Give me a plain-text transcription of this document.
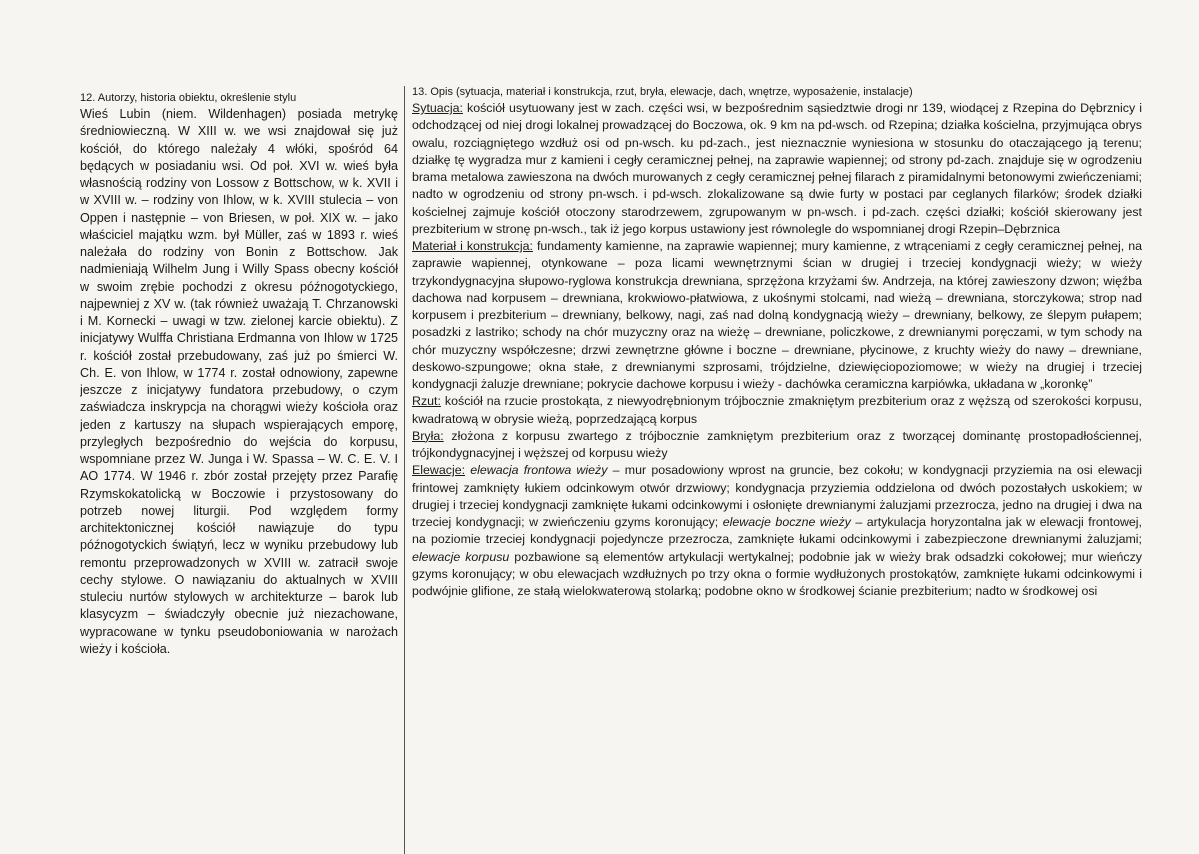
12. Autorzy, historia obiektu, określenie stylu

Wieś Lubin (niem. Wildenhagen) posiada metrykę średniowieczną. W XIII w. we wsi znajdował się już kościół, do którego należały 4 włóki, spośród 64 będących w posiadaniu wsi. Od poł. XVI w. wieś była własnością rodziny von Lossow z Bottschow, w k. XVII i w XVIII w. – rodziny von Ihlow, w k. XVIII stulecia – von Oppen i następnie – von Briesen, w poł. XIX w. – jako właściciel majątku wzm. był Müller, zaś w 1893 r. wieś należała do rodziny von Bonin z Bottschow. Jak nadmieniają Wilhelm Jung i Willy Spass obecny kościół w swoim zrębie pochodzi z okresu późnogotyckiego, najpewniej z XV w. (tak również uważają T. Chrzanowski i M. Kornecki – uwagi w tzw. zielonej karcie obiektu). Z inicjatywy Wulffa Christiana Erdmanna von Ihlow w 1725 r. kościół został przebudowany, zaś już po śmierci W. Ch. E. von Ihlow, w 1774 r. został odnowiony, zapewne jeszcze z inicjatywy fundatora przebudowy, o czym zaświadcza inskrypcja na chorągwi wieży kościoła oraz jeden z kartuszy na słupach wspierających emporę, przyległych bezpośrednio do wejścia do korpusu, wspomniane przez W. Junga i W. Spassa – W. C. E. V. I AO 1774. W 1946 r. zbór został przejęty przez Parafię Rzymskokatolicką w Boczowie i przystosowany do potrzeb nowej liturgii. Pod względem formy architektonicznej kościół nawiązuje do typu późnogotyckich świątyń, lecz w wyniku przebudowy lub remontu przeprowadzonych w XVIII w. zatracił swoje cechy stylowe. O nawiązaniu do aktualnych w XVIII stuleciu nurtów stylowych w architekturze – barok lub klasycyzm – świadczyły obecnie już niezachowane, wypracowane w tynku pseudoboniowania w narożach wieży i kościoła.

13. Opis (sytuacja, materiał i konstrukcja, rzut, bryła, elewacje, dach, wnętrze, wyposażenie, instalacje)

Sytuacja: kościół usytuowany jest w zach. części wsi, w bezpośrednim sąsiedztwie drogi nr 139, wiodącej z Rzepina do Dębrznicy i odchodzącej od niej drogi lokalnej prowadzącej do Boczowa, ok. 9 km na pd-wsch. od Rzepina; działka kościelna, przyjmująca obrys owalu, rozciągniętego wzdłuż osi od pn-wsch. ku pd-zach., jest nieznacznie wyniesiona w stosunku do otaczającego ją terenu; działkę tę wygradza mur z kamieni i cegły ceramicznej pełnej, na zaprawie wapiennej; od strony pd-zach. znajduje się w ogrodzeniu brama metalowa zawieszona na dwóch murowanych z cegły ceramicznej pełnej filarach z piramidalnymi betonowymi zwieńczeniami; nadto w ogrodzeniu od strony pn-wsch. i pd-wsch. zlokalizowane są dwie furty w postaci par ceglanych filarków; środek działki kościelnej zajmuje kościół otoczony starodrzewem, zgrupowanym w pn-wsch. i pd-zach. części działki; kościół skierowany jest prezbiterium w stronę pn-wsch., tak iż jego korpus ustawiony jest równolegle do wspomnianej drogi Rzepin–Dębrznica

Materiał i konstrukcja: fundamenty kamienne, na zaprawie wapiennej; mury kamienne, z wtrąceniami z cegły ceramicznej pełnej, na zaprawie wapiennej, otynkowane – poza licami wewnętrznymi ścian w drugiej i trzeciej kondygnacji wieży; w wieży trzykondygnacyjna słupowo-ryglowa konstrukcja drewniana, sprzężona krzyżami św. Andrzeja, na której zawieszony dzwon; więźba dachowa nad korpusem – drewniana, krokwiowo-płatwiowa, z ukośnymi stolcami, nad wieżą – drewniana, storczykowa; strop nad korpusem i prezbiterium – drewniany, belkowy, nagi, zaś nad dolną kondygnacją wieży – drewniany, belkowy, ze ślepym pułapem; posadzki z lastriko; schody na chór muzyczny oraz na wieżę – drewniane, policzkowe, z drewnianymi poręczami, w tym schody na chór muzyczny współczesne; drzwi zewnętrzne główne i boczne – drewniane, płycinowe, z kruchty wieży do nawy – drewniane, deskowo-szpungowe; okna stałe, z drewnianymi szprosami, trójdzielne, dziewięciopoziomowe; w wieży na drugiej i trzeciej kondygnacji żaluzje drewniane; pokrycie dachowe korpusu i wieży - dachówka ceramiczna karpiówka, układana w „koronkę”

Rzut: kościół na rzucie prostokąta, z niewyodrębnionym trójbocznie zmakniętym prezbiterium oraz z węższą od szerokości korpusu, kwadratową w obrysie wieżą, poprzedzającą korpus

Bryła: złożona z korpusu zwartego z trójbocznie zamkniętym prezbiterium oraz z tworzącej dominantę prostopadłościennej, trójkondygnacyjnej i węższej od korpusu wieży

Elewacje: elewacja frontowa wieży – mur posadowiony wprost na gruncie, bez cokołu; w kondygnacji przyziemia na osi elewacji frintowej zamknięty łukiem odcinkowym otwór drzwiowy; kondygnacja przyziemia oddzielona od dwóch pozostałych uskokiem; w drugiej i trzeciej kondygnacji zamknięte łukami odcinkowymi i osłonięte drewnianymi żaluzjami przezrocza, jedno na drugiej i dwa na trzeciej kondygnacji; w zwieńczeniu gzyms koronujący; elewacje boczne wieży – artykulacja horyzontalna jak w elewacji frontowej, na poziomie trzeciej kondygnacji pojedyncze przezrocza, zamknięte łukami odcinkowymi i zabezpieczone drewnianymi żaluzjami; elewacje korpusu pozbawione są elementów artykulacji wertykalnej; podobnie jak w wieży brak odsadzki cokołowej; mur wieńczy gzyms koronujący; w obu elewacjach wzdłużnych po trzy okna o formie wydłużonych prostokątów, zamknięte łukami odcinkowymi i podwójnie glifione, ze stałą wielokwaterową stolarką; podobne okno w środkowej ścianie prezbiterium; nadto w środkowej osi
